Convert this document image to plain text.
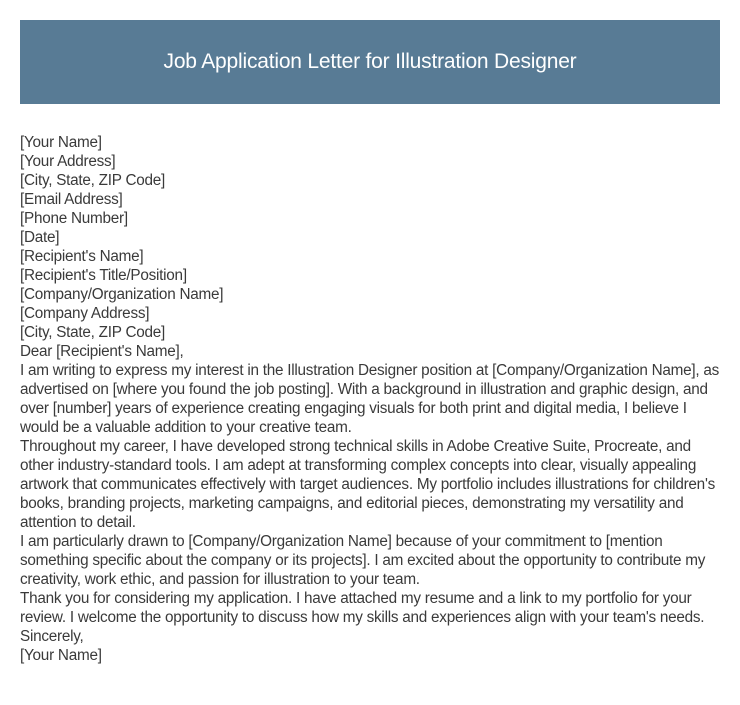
Job Application Letter for Illustration Designer

[Your Name]

[Your Address]

[City, State, ZIP Code]

[Email Address]

[Phone Number]

[Date]

[Recipient's Name]

[Recipient's Title/Position]

[Company/Organization Name]

[Company Address]

[City, State, ZIP Code]

Dear [Recipient's Name],

I am writing to express my interest in the Illustration Designer position at [Company/Organization Name], as advertised on [where you found the job posting]. With a background in illustration and graphic design, and over [number] years of experience creating engaging visuals for both print and digital media, I believe I would be a valuable addition to your creative team.

Throughout my career, I have developed strong technical skills in Adobe Creative Suite, Procreate, and other industry-standard tools. I am adept at transforming complex concepts into clear, visually appealing artwork that communicates effectively with target audiences. My portfolio includes illustrations for children's books, branding projects, marketing campaigns, and editorial pieces, demonstrating my versatility and attention to detail.

I am particularly drawn to [Company/Organization Name] because of your commitment to [mention something specific about the company or its projects]. I am excited about the opportunity to contribute my creativity, work ethic, and passion for illustration to your team.

Thank you for considering my application. I have attached my resume and a link to my portfolio for your review. I welcome the opportunity to discuss how my skills and experiences align with your team's needs.

Sincerely,

[Your Name]
